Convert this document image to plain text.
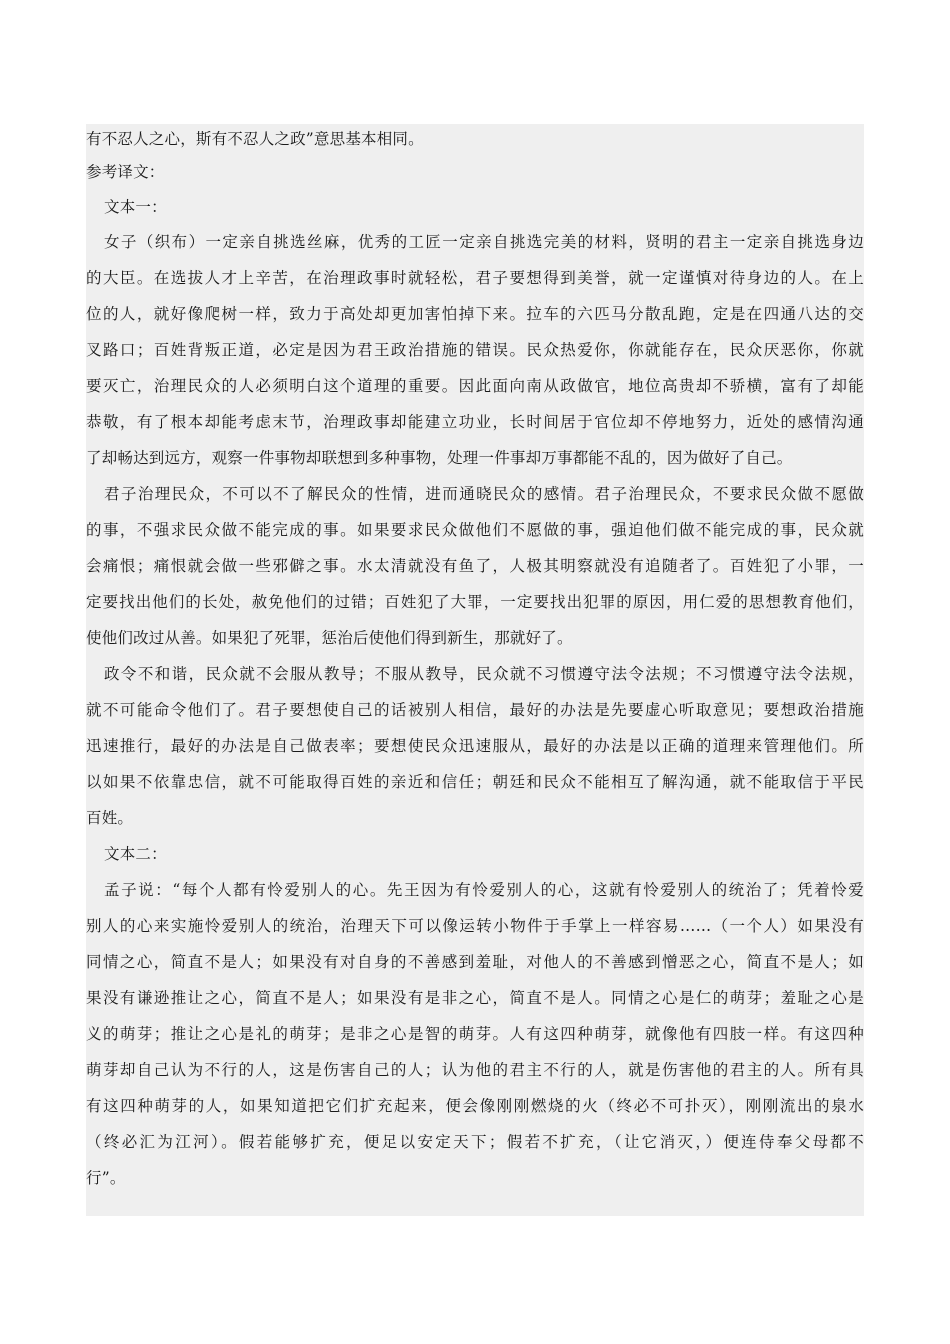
有不忍人之心，斯有不忍人之政”意思基本相同。
参考译文：
文本一：
女子（织布）一定亲自挑选丝麻，优秀的工匠一定亲自挑选完美的材料，贤明的君主一定亲自挑选身边
的大臣。在选拔人才上辛苦，在治理政事时就轻松，君子要想得到美誉，就一定谨慎对待身边的人。在上
位的人，就好像爬树一样，致力于高处却更加害怕掉下来。拉车的六匹马分散乱跑，定是在四通八达的交
叉路口；百姓背叛正道，必定是因为君王政治措施的错误。民众热爱你，你就能存在，民众厌恶你，你就
要灭亡，治理民众的人必须明白这个道理的重要。因此面向南从政做官，地位高贵却不骄横，富有了却能
恭敬，有了根本却能考虑末节，治理政事却能建立功业，长时间居于官位却不停地努力，近处的感情沟通
了却畅达到远方，观察一件事物却联想到多种事物，处理一件事却万事都能不乱的，因为做好了自己。
君子治理民众，不可以不了解民众的性情，进而通晓民众的感情。君子治理民众，不要求民众做不愿做
的事，不强求民众做不能完成的事。如果要求民众做他们不愿做的事，强迫他们做不能完成的事，民众就
会痛恨；痛恨就会做一些邪僻之事。水太清就没有鱼了，人极其明察就没有追随者了。百姓犯了小罪，一
定要找出他们的长处，赦免他们的过错；百姓犯了大罪，一定要找出犯罪的原因，用仁爱的思想教育他们，
使他们改过从善。如果犯了死罪，惩治后使他们得到新生，那就好了。
政令不和谐，民众就不会服从教导；不服从教导，民众就不习惯遵守法令法规；不习惯遵守法令法规，
就不可能命令他们了。君子要想使自己的话被别人相信，最好的办法是先要虚心听取意见；要想政治措施
迅速推行，最好的办法是自己做表率；要想使民众迅速服从，最好的办法是以正确的道理来管理他们。所
以如果不依靠忠信，就不可能取得百姓的亲近和信任；朝廷和民众不能相互了解沟通，就不能取信于平民
百姓。
文本二：
孟子说：“每个人都有怜爱别人的心。先王因为有怜爱别人的心，这就有怜爱别人的统治了；凭着怜爱
别人的心来实施怜爱别人的统治，治理天下可以像运转小物件于手掌上一样容易……（一个人）如果没有
同情之心，简直不是人；如果没有对自身的不善感到羞耻，对他人的不善感到憎恶之心，简直不是人；如
果没有谦逊推让之心，简直不是人；如果没有是非之心，简直不是人。同情之心是仁的萌芽；羞耻之心是
义的萌芽；推让之心是礼的萌芽；是非之心是智的萌芽。人有这四种萌芽，就像他有四肢一样。有这四种
萌芽却自己认为不行的人，这是伤害自己的人；认为他的君主不行的人，就是伤害他的君主的人。所有具
有这四种萌芽的人，如果知道把它们扩充起来，便会像刚刚燃烧的火（终必不可扑灭），刚刚流出的泉水
（终必汇为江河）。假若能够扩充，便足以安定天下；假若不扩充，（让它消灭，）便连侍奉父母都不
行”。
